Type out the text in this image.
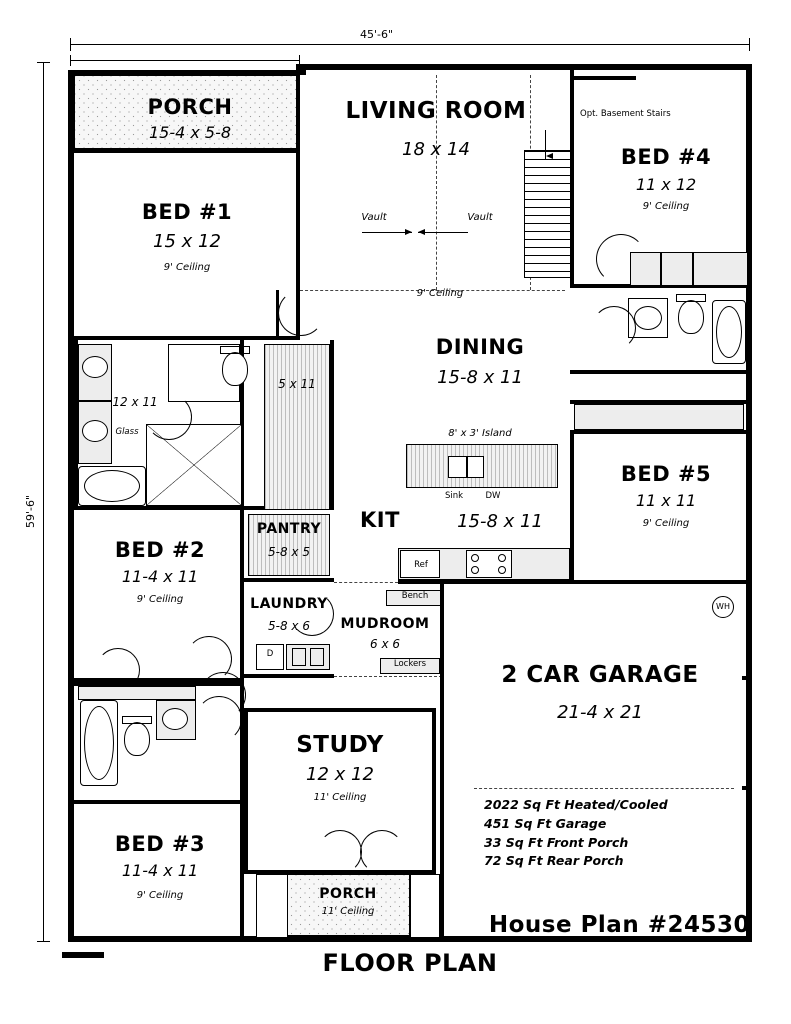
45'-6"
59'-6"
PORCH
15-4 x 5-8
BED #1
15 x 12
9' Ceiling
LIVING ROOM
18 x 14
9' Ceiling
Vault	Vault
Opt. Basement Stairs
BED #4
11 x 12
9' Ceiling
BED #5
11 x 11
9' Ceiling
DINING
15-8 x 11
8' x 3' Island
Sink	DW
KIT	15-8 x 11
Ref
5 x 11
12 x 11
Glass
BED #2
11-4 x 11
9' Ceiling
PANTRY
5-8 x 5
LAUNDRY
5-8 x 6
D
MUDROOM
6 x 6
Bench
Lockers	2 CAR GARAGE
21-4 x 21
WH
2022 Sq Ft Heated/Cooled
451 Sq Ft Garage
33 Sq Ft Front Porch
72 Sq Ft Rear Porch
BED #3
11-4 x 11
9' Ceiling
STUDY
12 x 12
11' Ceiling
PORCH
11' Ceiling
House Plan #24530
FLOOR PLAN
